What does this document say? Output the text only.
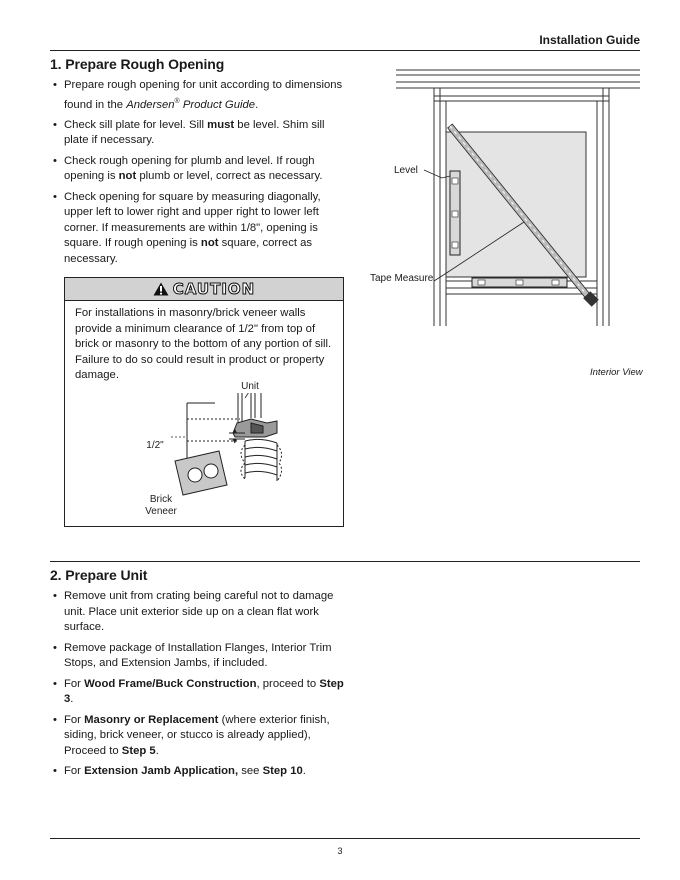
Installation Guide
1. Prepare Rough Opening
• Prepare rough opening for unit according to dimensions found in the Andersen® Product Guide.
• Check sill plate for level. Sill must be level. Shim sill plate if necessary.
• Check rough opening for plumb and level. If rough opening is not plumb or level, correct as necessary.
• Check opening for square by measuring diagonally, upper left to lower right and upper right to lower left corner. If measurements are within 1/8", opening is square. If rough opening is not square, correct as necessary.
CAUTION
For installations in masonry/brick veneer walls provide a minimum clearance of 1/2" from top of brick or masonry to the bottom of any portion of sill. Failure to do so could result in product or property damage.
Unit
1/2"
Brick Veneer
Level
Tape Measure
Interior View
2. Prepare Unit
• Remove unit from crating being careful not to damage unit. Place unit exterior side up on a clean flat work surface.
• Remove package of Installation Flanges, Interior Trim Stops, and Extension Jambs, if included.
• For Wood Frame/Buck Construction, proceed to Step 3.
• For Masonry or Replacement (where exterior finish, siding, brick veneer, or stucco is already applied), Proceed to Step 5.
• For Extension Jamb Application, see Step 10.
3
